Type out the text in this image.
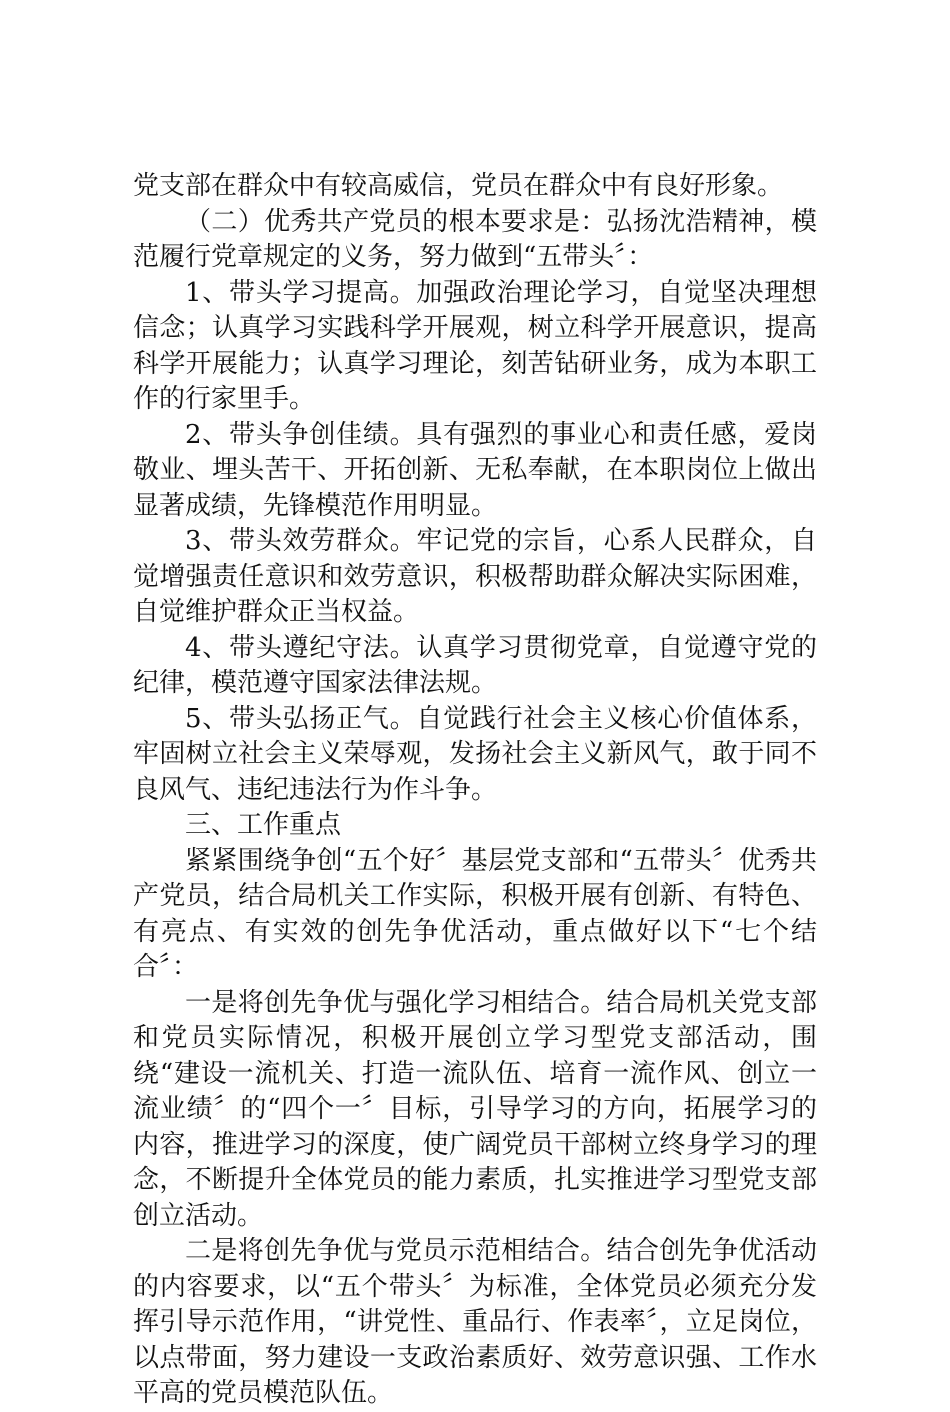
党支部在群众中有较高威信，党员在群众中有良好形象。

（二）优秀共产党员的根本要求是：弘扬沈浩精神，模范履行党章规定的义务，努力做到“五带头〞：

1、带头学习提高。加强政治理论学习，自觉坚决理想信念；认真学习实践科学开展观，树立科学开展意识，提高科学开展能力；认真学习理论，刻苦钻研业务，成为本职工作的行家里手。

2、带头争创佳绩。具有强烈的事业心和责任感，爱岗敬业、埋头苦干、开拓创新、无私奉献，在本职岗位上做出显著成绩，先锋模范作用明显。

3、带头效劳群众。牢记党的宗旨，心系人民群众，自觉增强责任意识和效劳意识，积极帮助群众解决实际困难，自觉维护群众正当权益。

4、带头遵纪守法。认真学习贯彻党章，自觉遵守党的纪律，模范遵守国家法律法规。

5、带头弘扬正气。自觉践行社会主义核心价值体系，牢固树立社会主义荣辱观，发扬社会主义新风气，敢于同不良风气、违纪违法行为作斗争。

三、工作重点

紧紧围绕争创“五个好〞基层党支部和“五带头〞优秀共产党员，结合局机关工作实际，积极开展有创新、有特色、有亮点、有实效的创先争优活动，重点做好以下“七个结合〞：

一是将创先争优与强化学习相结合。结合局机关党支部和党员实际情况，积极开展创立学习型党支部活动，围绕“建设一流机关、打造一流队伍、培育一流作风、创立一流业绩〞的“四个一〞目标，引导学习的方向，拓展学习的内容，推进学习的深度，使广阔党员干部树立终身学习的理念，不断提升全体党员的能力素质，扎实推进学习型党支部创立活动。

二是将创先争优与党员示范相结合。结合创先争优活动的内容要求，以“五个带头〞为标准，全体党员必须充分发挥引导示范作用，“讲党性、重品行、作表率〞，立足岗位，以点带面，努力建设一支政治素质好、效劳意识强、工作水平高的党员模范队伍。
